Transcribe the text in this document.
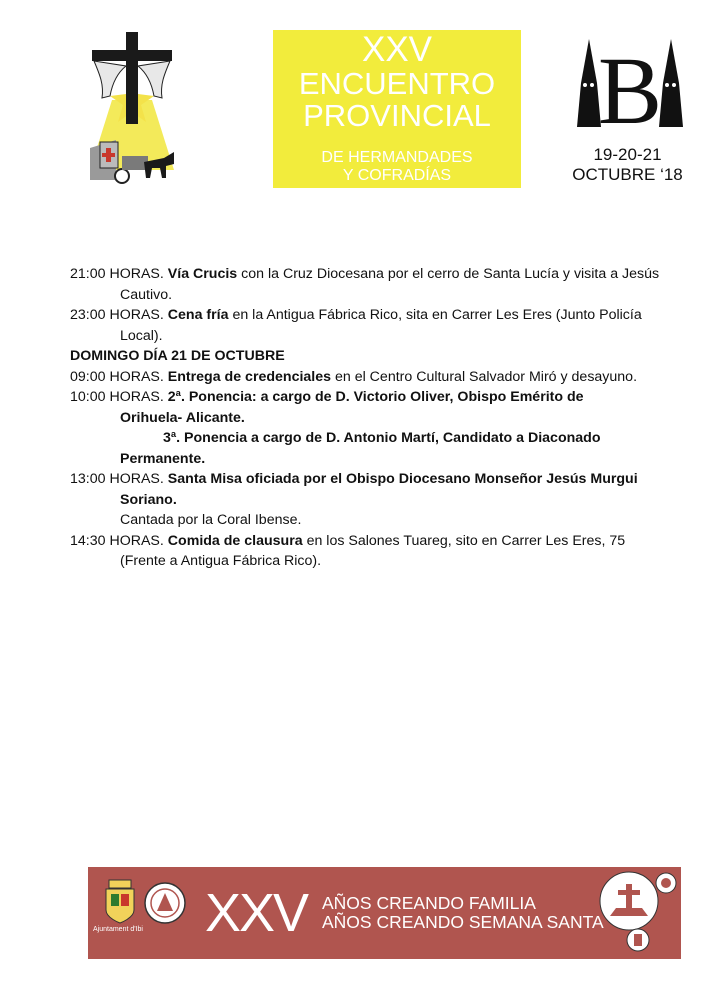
XXV
ENCUENTRO
PROVINCIAL
DE HERMANDADES
Y COFRADÍAS
B
19-20-21
OCTUBRE ‘18
21:00 HORAS. Vía Crucis con la Cruz Diocesana por el cerro de Santa Lucía y visita a Jesús
Cautivo.
23:00 HORAS. Cena fría en la Antigua Fábrica Rico, sita en Carrer Les Eres (Junto Policía
Local).
DOMINGO DÍA 21 DE OCTUBRE
09:00 HORAS. Entrega de credenciales en el Centro Cultural Salvador Miró y desayuno.
10:00 HORAS. 2ª. Ponencia: a cargo de D. Victorio Oliver, Obispo Emérito de
Orihuela- Alicante.
3ª. Ponencia a cargo de D. Antonio Martí, Candidato a Diaconado
Permanente.
13:00 HORAS. Santa Misa oficiada por el Obispo Diocesano Monseñor Jesús Murgui
Soriano.
Cantada por la Coral Ibense.
14:30 HORAS. Comida de clausura en los Salones Tuareg, sito en Carrer Les Eres, 75
(Frente a Antigua Fábrica Rico).
Ajuntament d'Ibi XXV AÑOS CREANDO FAMILIA
AÑOS CREANDO SEMANA SANTA
